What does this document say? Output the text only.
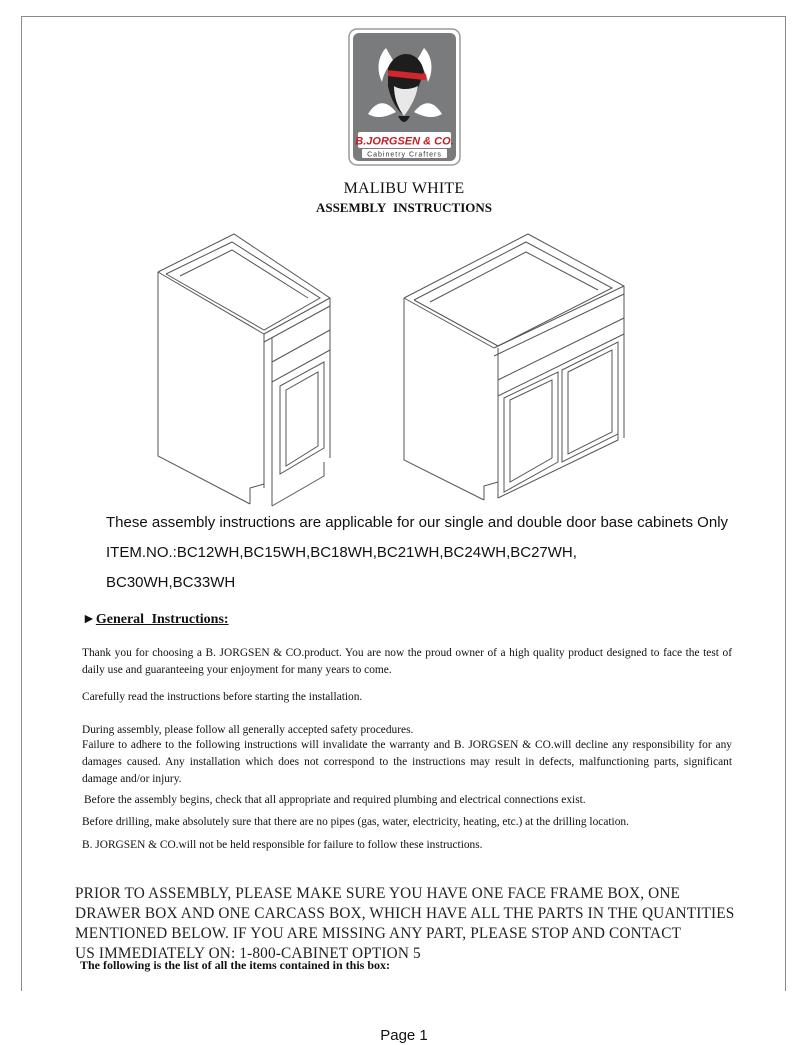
B.JORGSEN & CO.
Cabinetry Crafters
MALIBU WHITE
ASSEMBLY INSTRUCTIONS
These assembly instructions are applicable for our single and double door base cabinets Only
ITEM.NO.:BC12WH,BC15WH,BC18WH,BC21WH,BC24WH,BC27WH,
BC30WH,BC33WH
►General Instructions:
Thank you for choosing a B. JORGSEN & CO.product. You are now the proud owner of a high quality product designed to face the test of daily use and guaranteeing your enjoyment for many years to come.
Carefully read the instructions before starting the installation.
During assembly, please follow all generally accepted safety procedures.
Failure to adhere to the following instructions will invalidate the warranty and B. JORGSEN & CO.will decline any responsibility for any damages caused. Any installation which does not correspond to the instructions may result in defects, malfunctioning parts, significant damage and/or injury.
Before the assembly begins, check that all appropriate and required plumbing and electrical connections exist.
Before drilling, make absolutely sure that there are no pipes (gas, water, electricity, heating, etc.) at the drilling location.
B. JORGSEN & CO.will not be held responsible for failure to follow these instructions.
PRIOR TO ASSEMBLY, PLEASE MAKE SURE YOU HAVE ONE FACE FRAME BOX, ONE
DRAWER BOX AND ONE CARCASS BOX, WHICH HAVE ALL THE PARTS IN THE QUANTITIES
MENTIONED BELOW. IF YOU ARE MISSING ANY PART, PLEASE STOP AND CONTACT
US IMMEDIATELY ON: 1-800-CABINET OPTION 5
The following is the list of all the items contained in this box:
Page 1
